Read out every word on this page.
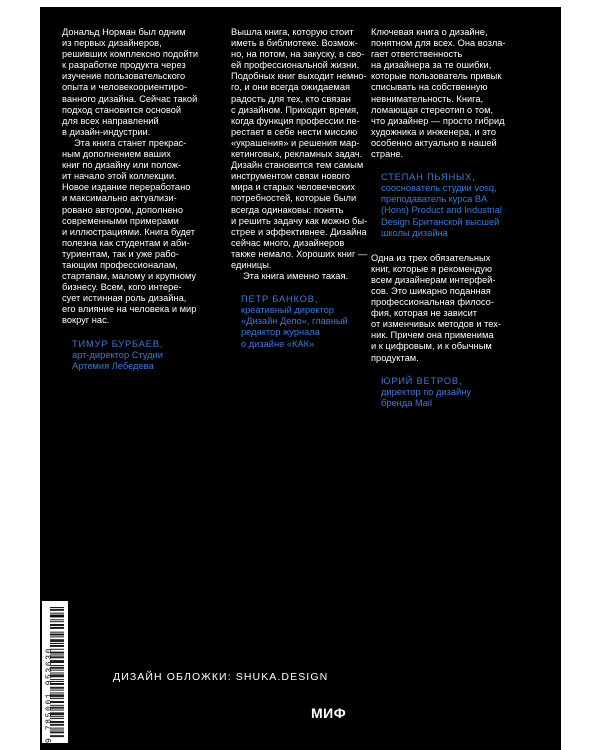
Дональд Норман был одним
из первых дизайнеров,
решивших комплексно подойти
к разработке продукта через
изучение пользовательского
опыта и человекоориентиро-
ванного дизайна. Сейчас такой
подход становится основой
для всех направлений
в дизайн-индустрии.

Эта книга станет прекрас-
ным дополнением ваших
книг по дизайну или полож-
ит начало этой коллекции.
Новое издание переработано
и максимально актуализи-
ровано автором, дополнено
современными примерами
и иллюстрациями. Книга будет
полезна как студентам и аби-
туриентам, так и уже рабо-
тающим профессионалам,
стартапам, малому и крупному
бизнесу. Всем, кого интере-
сует истинная роль дизайна,
его влияние на человека и мир
вокруг нас.

ТИМУР БУРБАЕВ,
арт-директор Студии
Артемия Лебедева

Вышла книга, которую стоит
иметь в библиотеке. Возмож-
но, на потом, на закуску, в сво-
ей профессиональной жизни.
Подобных книг выходит немно-
го, и они всегда ожидаемая
радость для тех, кто связан
с дизайном. Приходит время,
когда функция профессии пе-
рестает в себе нести миссию
«украшения» и решения мар-
кетинговых, рекламных задач.
Дизайн становится тем самым
инструментом связи нового
мира и старых человеческих
потребностей, которые были
всегда одинаковы: понять
и решить задачу как можно бы-
стрее и эффективнее. Дизайна
сейчас много, дизайнеров
также немало. Хороших книг —
единицы.

Эта книга именно такая.

ПЕТР БАНКОВ,
креативный директор
«Дизайн Депо», главный
редактор журнала
о дизайне «КАК»

Ключевая книга о дизайне,
понятном для всех. Она возла-
гает ответственность
на дизайнера за те ошибки,
которые пользователь привык
списывать на собственную
невнимательность. Книга,
ломающая стереотип о том,
что дизайнер — просто гибрид
художника и инженера, и это
особенно актуально в нашей
стране.

СТЕПАН ПЬЯНЫХ,
сооснователь студии vosq,
преподаватель курса BA
(Hons) Product and Industrial
Design Британской высшей
школы дизайна

Одна из трех обязательных
книг, которые я рекомендую
всем дизайнерам интерфей-
сов. Это шикарно поданная
профессиональная филосо-
фия, которая не зависит
от изменчивых методов и тех-
ник. Причем она применима
и к цифровым, и к обычным
продуктам.

ЮРИЙ ВЕТРОВ,
директор по дизайну
бренда Mail
ДИЗАЙН ОБЛОЖКИ: SHUKA.DESIGN
МИФ
9 785001 953630
